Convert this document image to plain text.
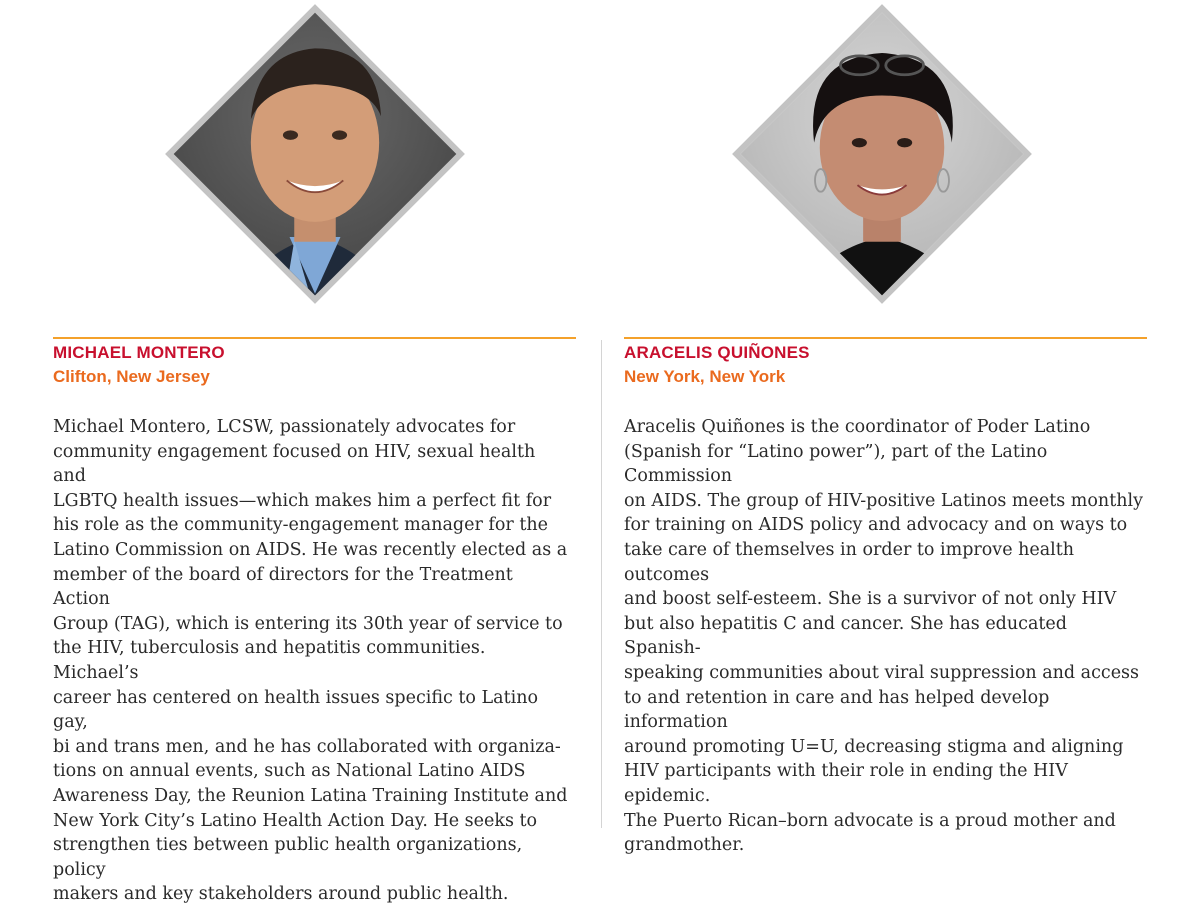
MICHAEL MONTERO
Clifton, New Jersey

Michael Montero, LCSW, passionately advocates for
community engagement focused on HIV, sexual health and
LGBTQ health issues—which makes him a perfect fit for
his role as the community-engagement manager for the
Latino Commission on AIDS. He was recently elected as a
member of the board of directors for the Treatment Action
Group (TAG), which is entering its 30th year of service to
the HIV, tuberculosis and hepatitis communities. Michael’s
career has centered on health issues specific to Latino gay,
bi and trans men, and he has collaborated with organiza-
tions on annual events, such as National Latino AIDS
Awareness Day, the Reunion Latina Training Institute and
New York City’s Latino Health Action Day. He seeks to
strengthen ties between public health organizations, policy
makers and key stakeholders around public health.

ARACELIS QUIÑONES
New York, New York

Aracelis Quiñones is the coordinator of Poder Latino
(Spanish for “Latino power”), part of the Latino Commission
on AIDS. The group of HIV-positive Latinos meets monthly
for training on AIDS policy and advocacy and on ways to
take care of themselves in order to improve health outcomes
and boost self-esteem. She is a survivor of not only HIV
but also hepatitis C and cancer. She has educated Spanish-
speaking communities about viral suppression and access
to and retention in care and has helped develop information
around promoting U=U, decreasing stigma and aligning
HIV participants with their role in ending the HIV epidemic.
The Puerto Rican–born advocate is a proud mother and
grandmother.
